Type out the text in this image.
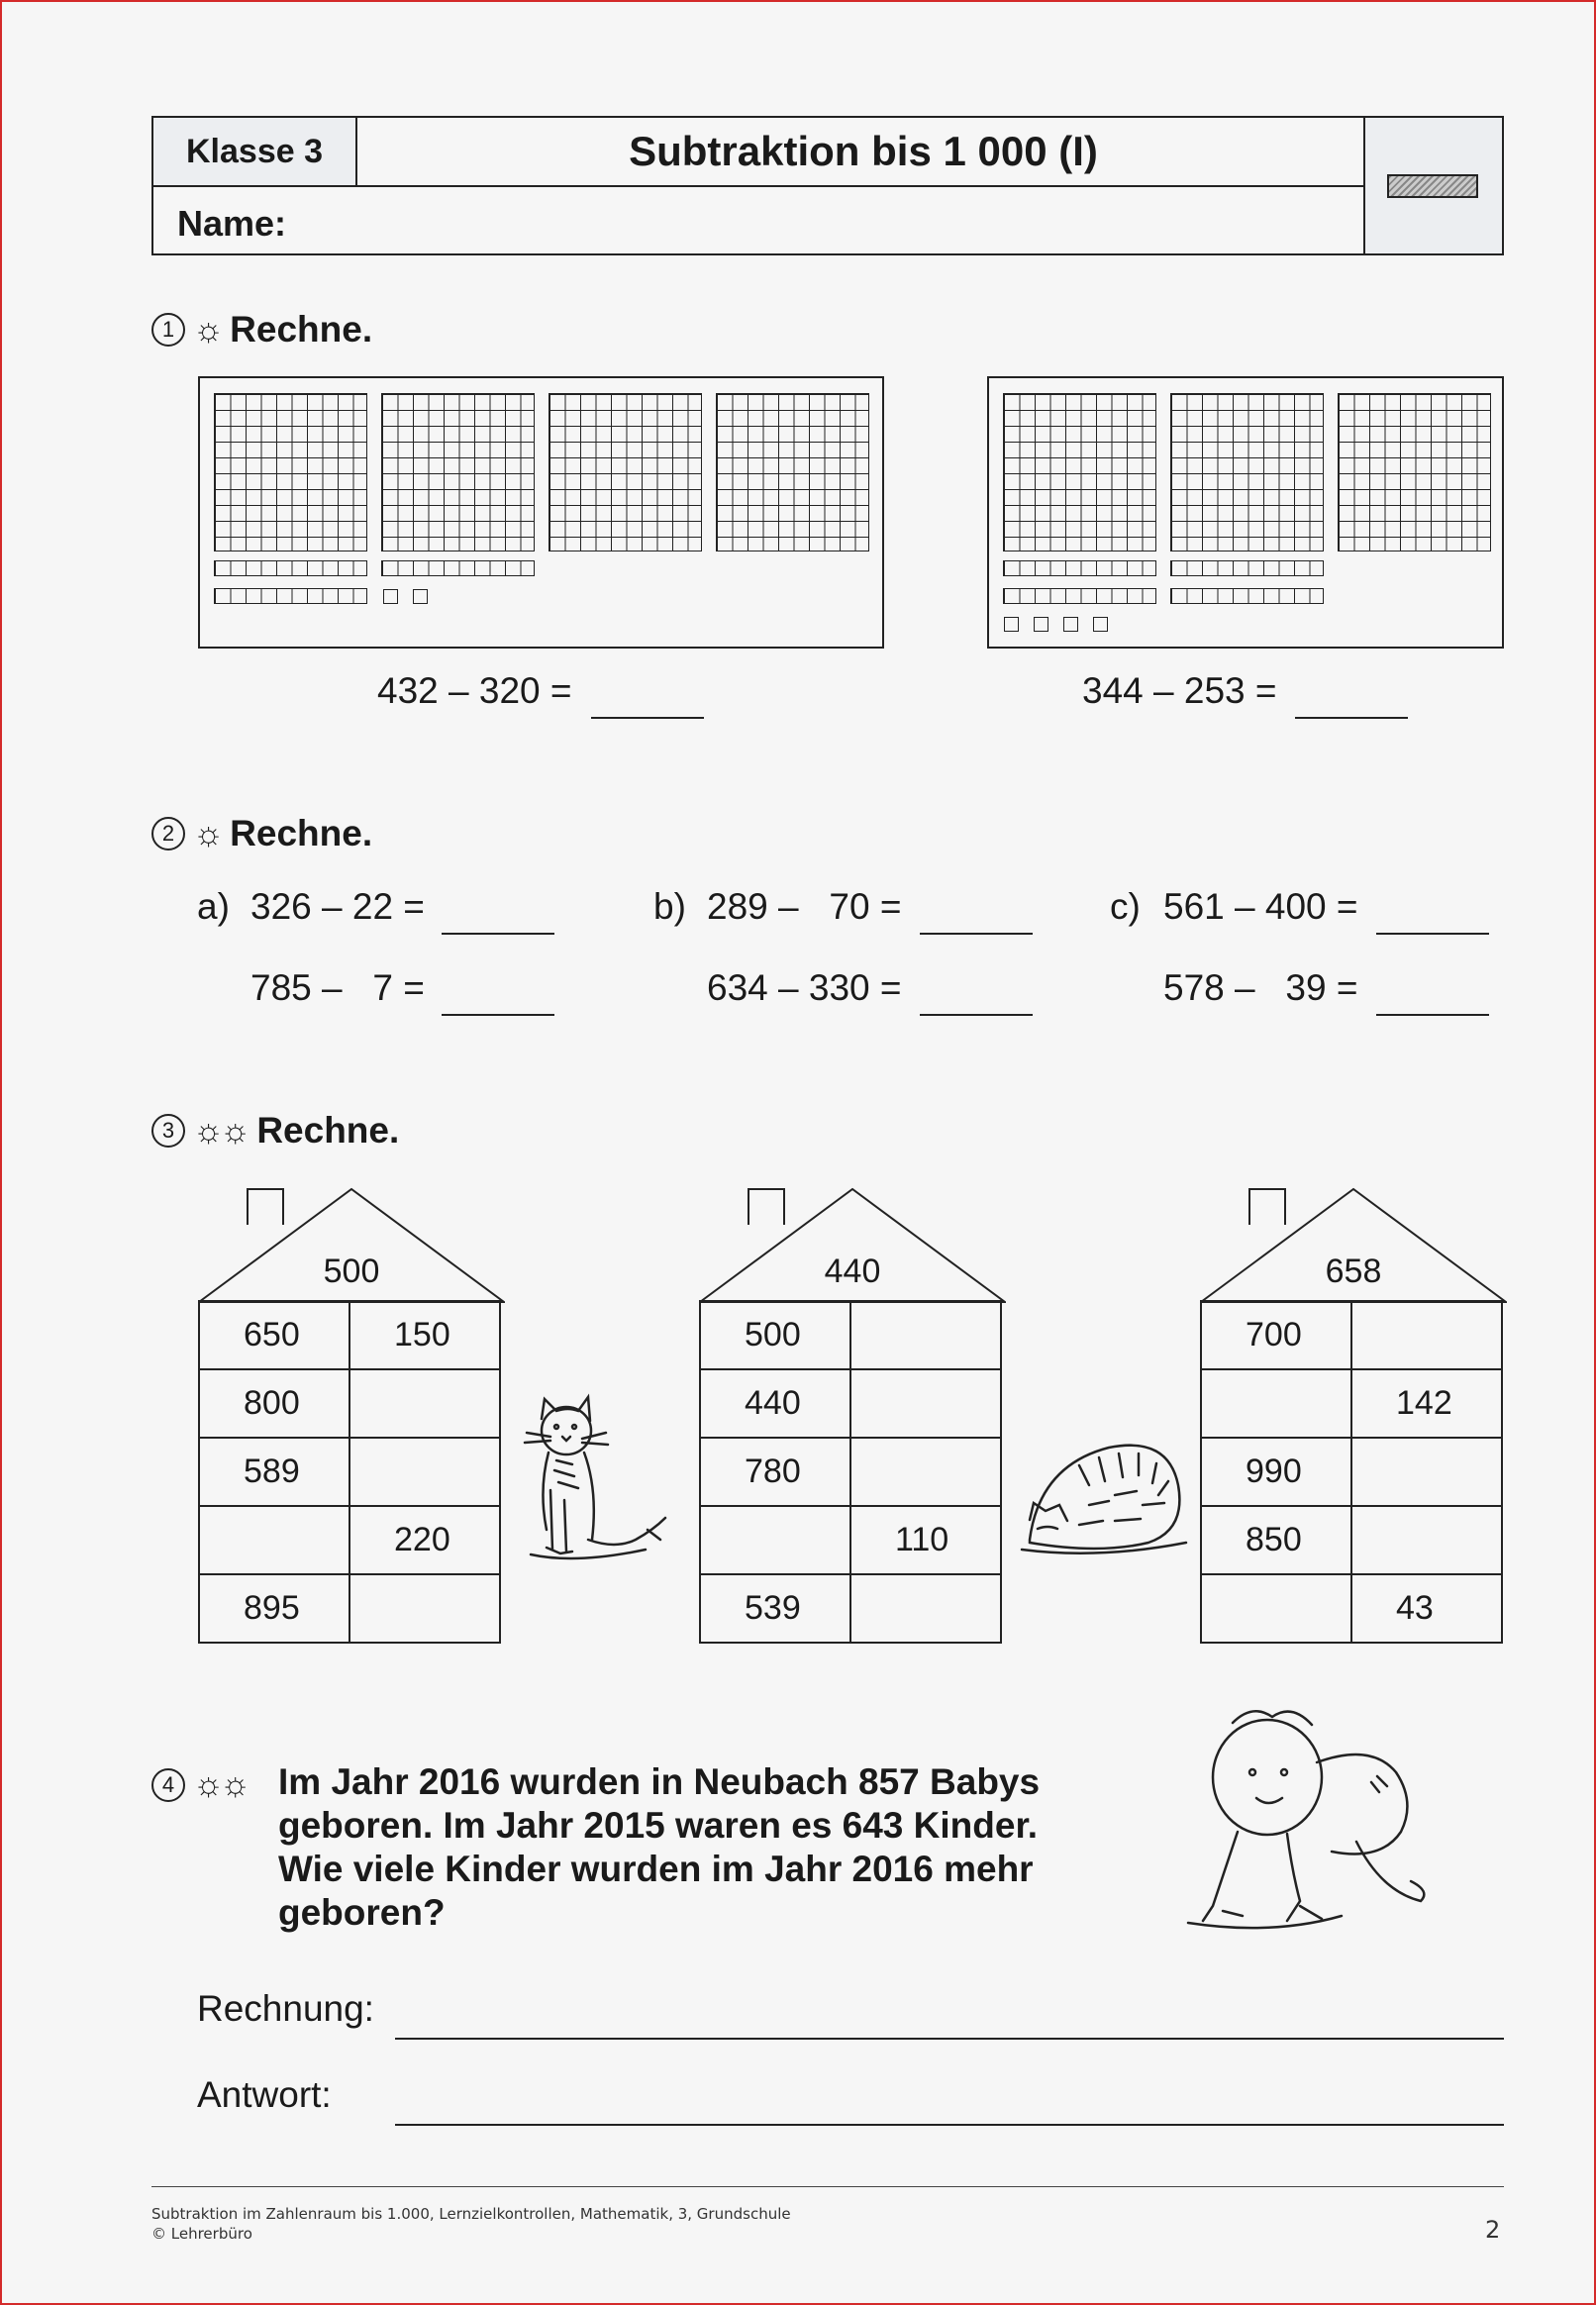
Klasse 3	Subtraktion bis 1 000 (I)
Name:
1 ☼ Rechne.
432 – 320 =	344 – 253 =
2 ☼ Rechne.
a) 326 – 22 =
785 –   7 =
b) 289 –   70 =
634 – 330 =
c) 561 – 400 =
578 –   39 =
3 ☼☼ Rechne.
500
650	150
800	
589	
	220
895	
440
500	
440	
780	
	110
539	
658
700	
	142
990	
850	
	43
4 ☼☼ Im Jahr 2016 wurden in Neubach 857 Babys
geboren. Im Jahr 2015 waren es 643 Kinder.
Wie viele Kinder wurden im Jahr 2016 mehr
geboren?
Rechnung:
Antwort:
Subtraktion im Zahlenraum bis 1.000, Lernzielkontrollen, Mathematik, 3, Grundschule
© Lehrerbüro	2
